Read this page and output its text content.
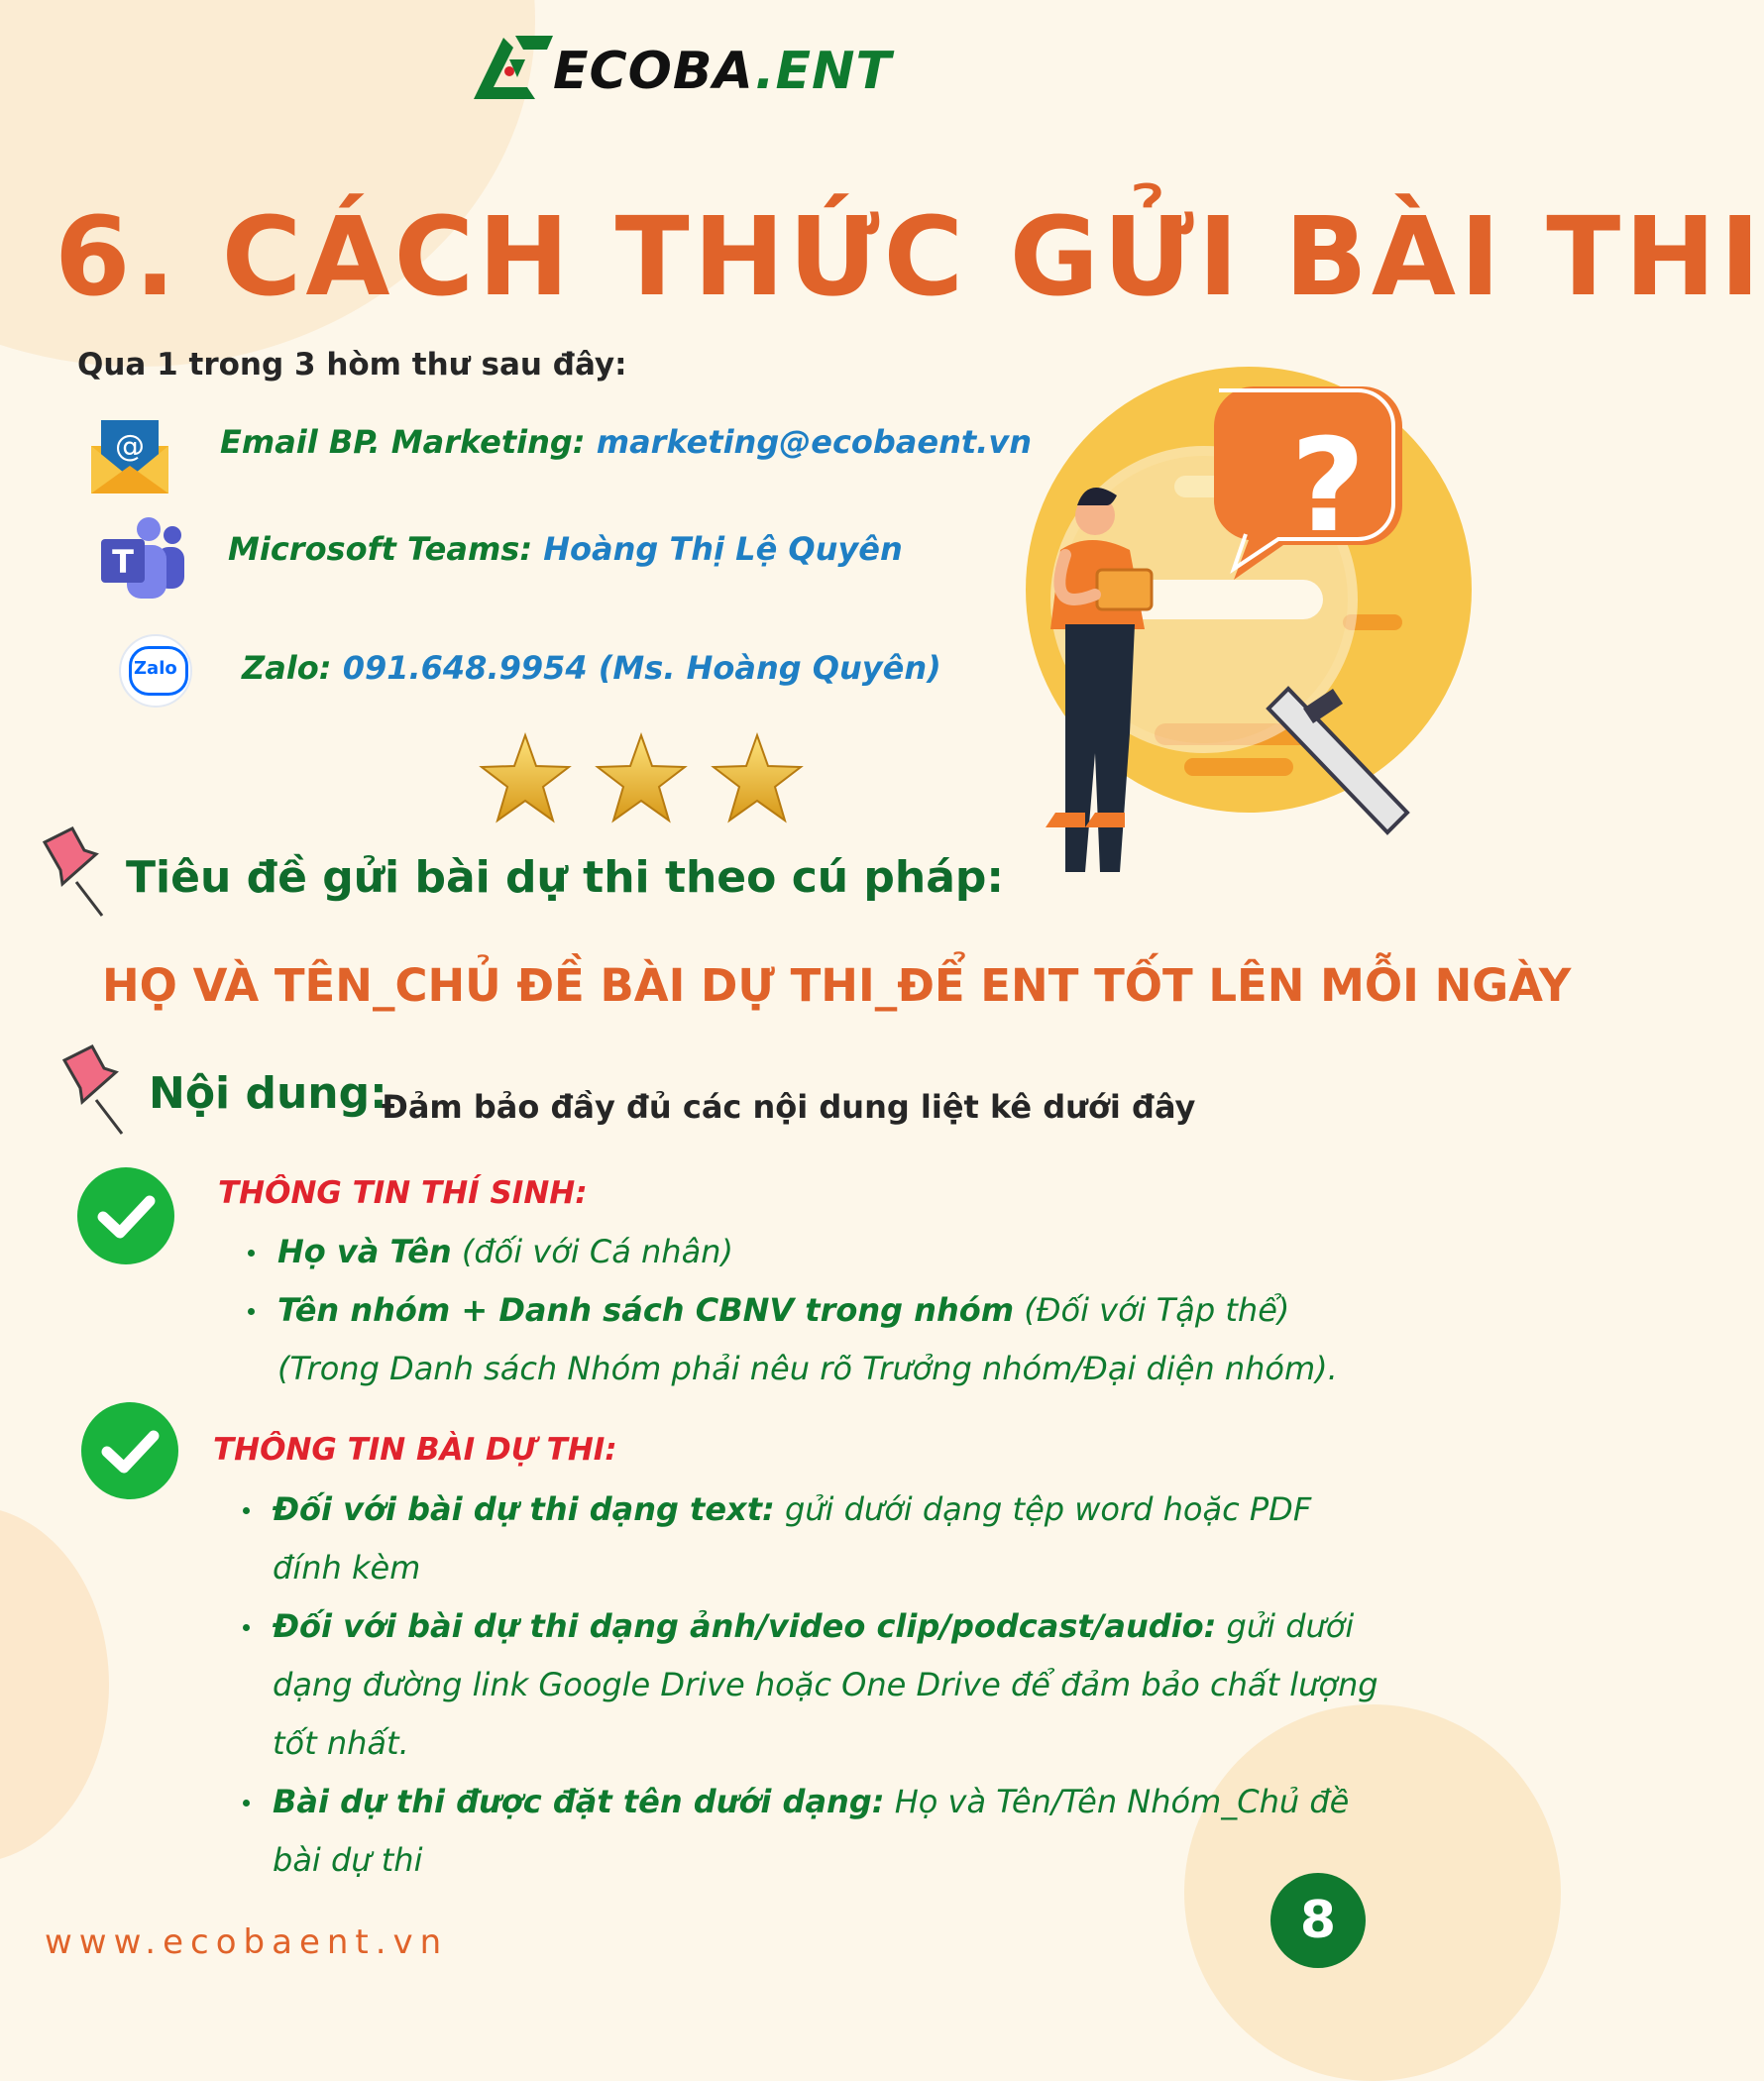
ECOBA.ENT
6. CÁCH THỨC GỬI BÀI THI
Qua 1 trong 3 hòm thư sau đây:
@ Email BP. Marketing: marketing@ecobaent.vn
T	Microsoft Teams: Hoàng Thị Lệ Quyên
Zalo Zalo: 091.648.9954 (Ms. Hoàng Quyên)
?
Tiêu đề gửi bài dự thi theo cú pháp:
HỌ VÀ TÊN_CHỦ ĐỀ BÀI DỰ THI_ĐỂ ENT TỐT LÊN MỖI NGÀY
Nội dung:
Đảm bảo đầy đủ các nội dung liệt kê dưới đây
THÔNG TIN THÍ SINH:
Họ và Tên (đối với Cá nhân)
Tên nhóm + Danh sách CBNV trong nhóm (Đối với Tập thể) (Trong Danh sách Nhóm phải nêu rõ Trưởng nhóm/Đại diện nhóm).
THÔNG TIN BÀI DỰ THI:
Đối với bài dự thi dạng text: gửi dưới dạng tệp word hoặc PDF đính kèm
Đối với bài dự thi dạng ảnh/video clip/podcast/audio: gửi dưới dạng đường link Google Drive hoặc One Drive để đảm bảo chất lượng tốt nhất.
Bài dự thi được đặt tên dưới dạng: Họ và Tên/Tên Nhóm_Chủ đề bài dự thi
www.ecobaent.vn	8
